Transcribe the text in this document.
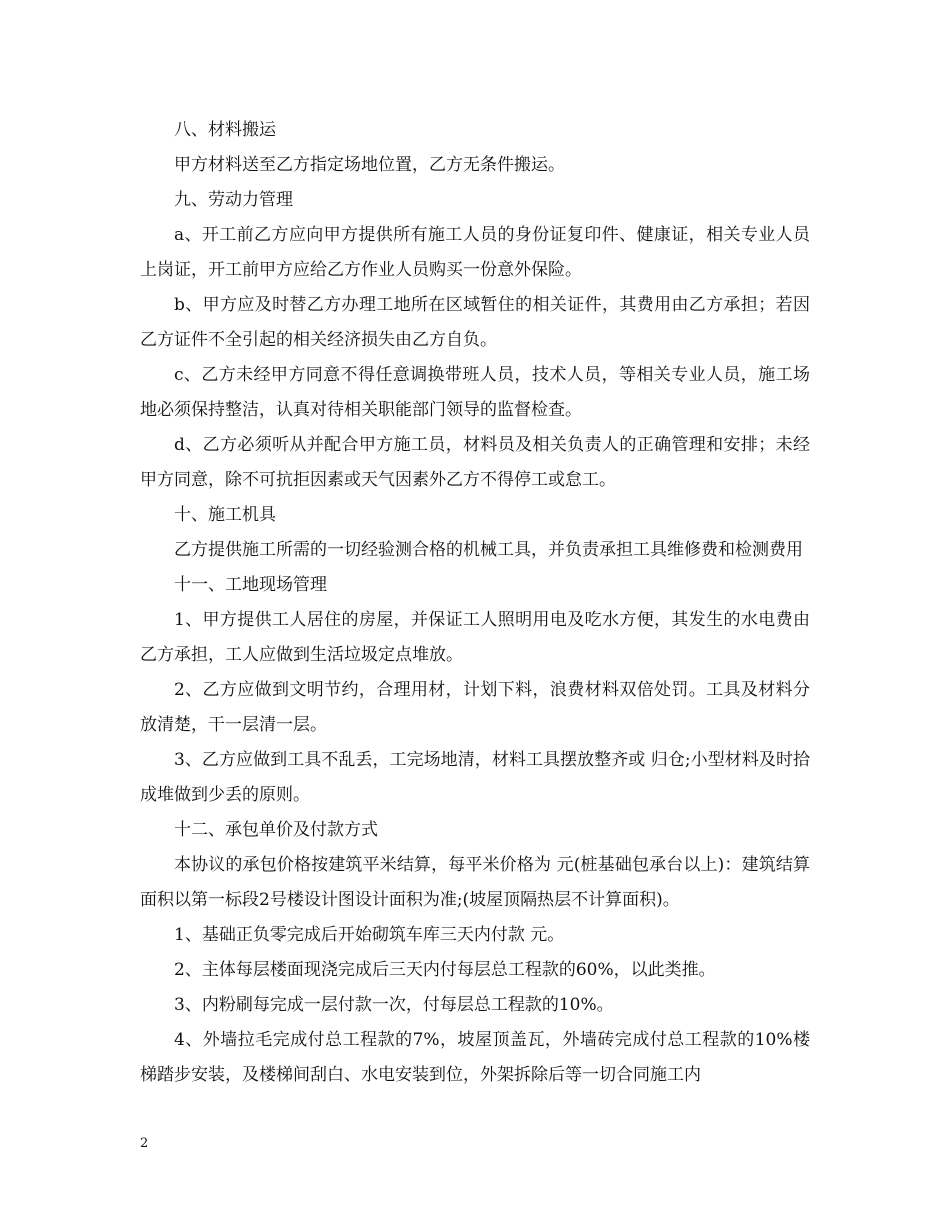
八、材料搬运

甲方材料送至乙方指定场地位置，乙方无条件搬运。

九、劳动力管理

a、开工前乙方应向甲方提供所有施工人员的身份证复印件、健康证，相关专业人员上岗证，开工前甲方应给乙方作业人员购买一份意外保险。

b、甲方应及时替乙方办理工地所在区域暂住的相关证件，其费用由乙方承担；若因乙方证件不全引起的相关经济损失由乙方自负。

c、乙方未经甲方同意不得任意调换带班人员，技术人员，等相关专业人员，施工场地必须保持整洁，认真对待相关职能部门领导的监督检查。

d、乙方必须听从并配合甲方施工员，材料员及相关负责人的正确管理和安排；未经甲方同意，除不可抗拒因素或天气因素外乙方不得停工或怠工。

十、施工机具

乙方提供施工所需的一切经验测合格的机械工具，并负责承担工具维修费和检测费用

十一、工地现场管理

1、甲方提供工人居住的房屋，并保证工人照明用电及吃水方便，其发生的水电费由乙方承担，工人应做到生活垃圾定点堆放。

2、乙方应做到文明节约，合理用材，计划下料，浪费材料双倍处罚。工具及材料分放清楚，干一层清一层。

3、乙方应做到工具不乱丢，工完场地清，材料工具摆放整齐或 归仓;小型材料及时拾成堆做到少丢的原则。

十二、承包单价及付款方式

本协议的承包价格按建筑平米结算，每平米价格为 元(桩基础包承台以上)：建筑结算面积以第一标段2号楼设计图设计面积为准;(坡屋顶隔热层不计算面积)。

1、基础正负零完成后开始砌筑车库三天内付款 元。

2、主体每层楼面现浇完成后三天内付每层总工程款的60%，以此类推。

3、内粉刷每完成一层付款一次，付每层总工程款的10%。

4、外墙拉毛完成付总工程款的7%，坡屋顶盖瓦，外墙砖完成付总工程款的10%楼梯踏步安装，及楼梯间刮白、水电安装到位，外架拆除后等一切合同施工内

2
